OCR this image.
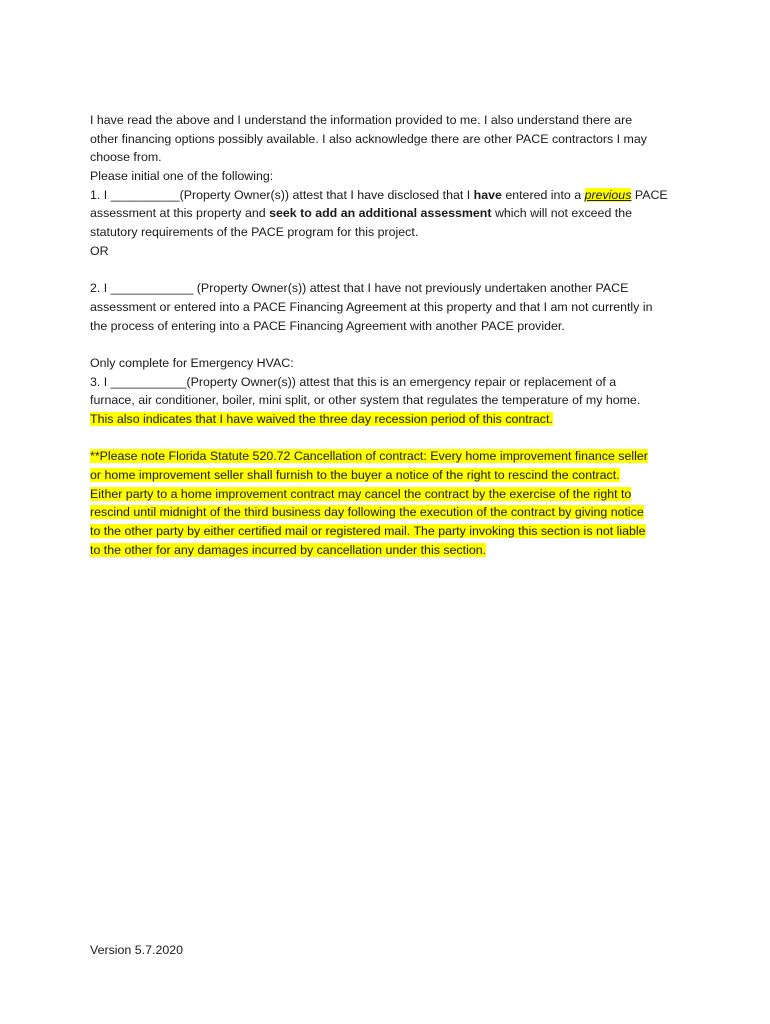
I have read the above and I understand the information provided to me. I also understand there are
other financing options possibly available. I also acknowledge there are other PACE contractors I may
choose from.
Please initial one of the following:
1. I __________(Property Owner(s)) attest that I have disclosed that I have entered into a previous PACE
assessment at this property and seek to add an additional assessment which will not exceed the
statutory requirements of the PACE program for this project.
OR
2. I ____________ (Property Owner(s)) attest that I have not previously undertaken another PACE
assessment or entered into a PACE Financing Agreement at this property and that I am not currently in
the process of entering into a PACE Financing Agreement with another PACE provider.
Only complete for Emergency HVAC:
3. I ___________(Property Owner(s)) attest that this is an emergency repair or replacement of a
furnace, air conditioner, boiler, mini split, or other system that regulates the temperature of my home.
This also indicates that I have waived the three day recession period of this contract.
**Please note Florida Statute 520.72 Cancellation of contract: Every home improvement finance seller
or home improvement seller shall furnish to the buyer a notice of the right to rescind the contract.
Either party to a home improvement contract may cancel the contract by the exercise of the right to
rescind until midnight of the third business day following the execution of the contract by giving notice
to the other party by either certified mail or registered mail. The party invoking this section is not liable
to the other for any damages incurred by cancellation under this section.
Version 5.7.2020
